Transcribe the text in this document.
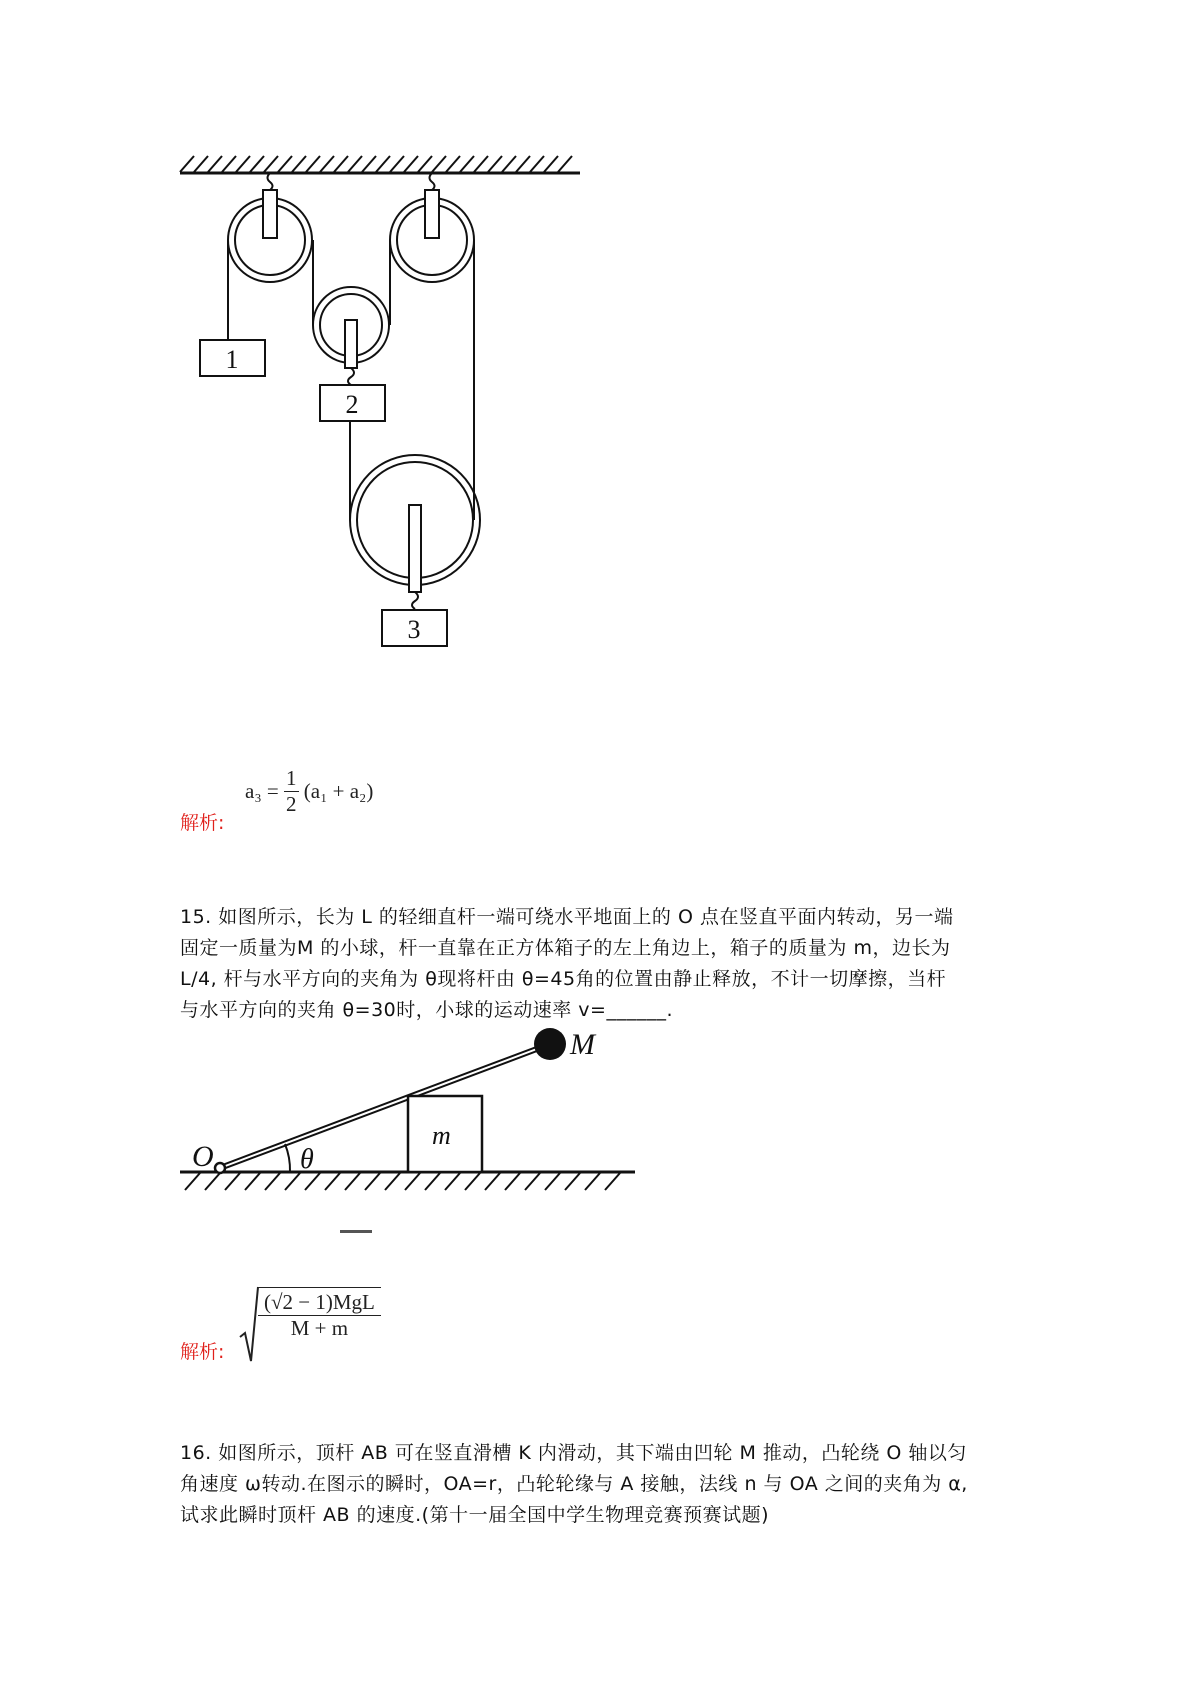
1
2
3
解析:
$a_3 = \frac{1}{2} (a_1 + a_2)$
15. 如图所示，长为 L 的轻细直杆一端可绕水平地面上的 O 点在竖直平面内转动，另一端
固定一质量为M 的小球，杆一直靠在正方体箱子的左上角边上，箱子的质量为 m，边长为
L/4, 杆与水平方向的夹角为 θ现将杆由 θ=45角的位置由静止释放，不计一切摩擦，当杆
与水平方向的夹角 θ=30时，小球的运动速率 v=______.
M
m
O	θ
解析:
$\frac{\text{(√2 − 1)MgL}}{M + m}$
16. 如图所示，顶杆 AB 可在竖直滑槽 K 内滑动，其下端由凹轮 M 推动，凸轮绕 O 轴以匀
角速度 ω转动.在图示的瞬时，OA=r，凸轮轮缘与 A 接触，法线 n 与 OA 之间的夹角为 α,
试求此瞬时顶杆 AB 的速度.(第十一届全国中学生物理竞赛预赛试题)
